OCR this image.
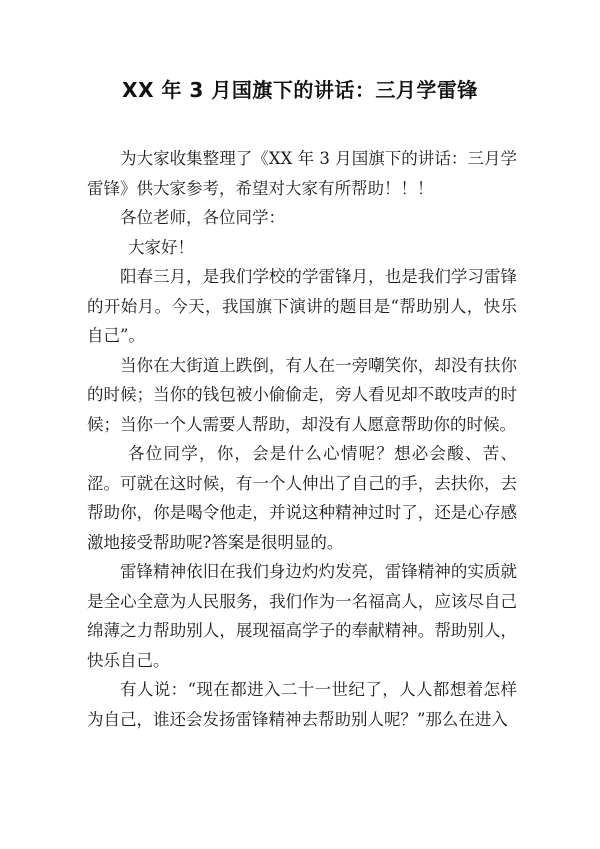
XX 年 3 月国旗下的讲话：三月学雷锋

为大家收集整理了《XX 年 3 月国旗下的讲话：三月学雷锋》供大家参考，希望对大家有所帮助！！！

各位老师，各位同学：

大家好！

阳春三月，是我们学校的学雷锋月，也是我们学习雷锋的开始月。今天，我国旗下演讲的题目是“帮助别人，快乐自己”。

当你在大街道上跌倒，有人在一旁嘲笑你，却没有扶你的时候；当你的钱包被小偷偷走，旁人看见却不敢吱声的时候；当你一个人需要人帮助，却没有人愿意帮助你的时候。

各位同学，你，会是什么心情呢？想必会酸、苦、涩。可就在这时候，有一个人伸出了自己的手，去扶你，去帮助你，你是喝令他走，并说这种精神过时了，还是心存感激地接受帮助呢?答案是很明显的。

雷锋精神依旧在我们身边灼灼发亮，雷锋精神的实质就是全心全意为人民服务，我们作为一名福高人，应该尽自己绵薄之力帮助别人，展现福高学子的奉献精神。帮助别人，快乐自己。

有人说：“现在都进入二十一世纪了，人人都想着怎样为自己，谁还会发扬雷锋精神去帮助别人呢？”那么在进入
